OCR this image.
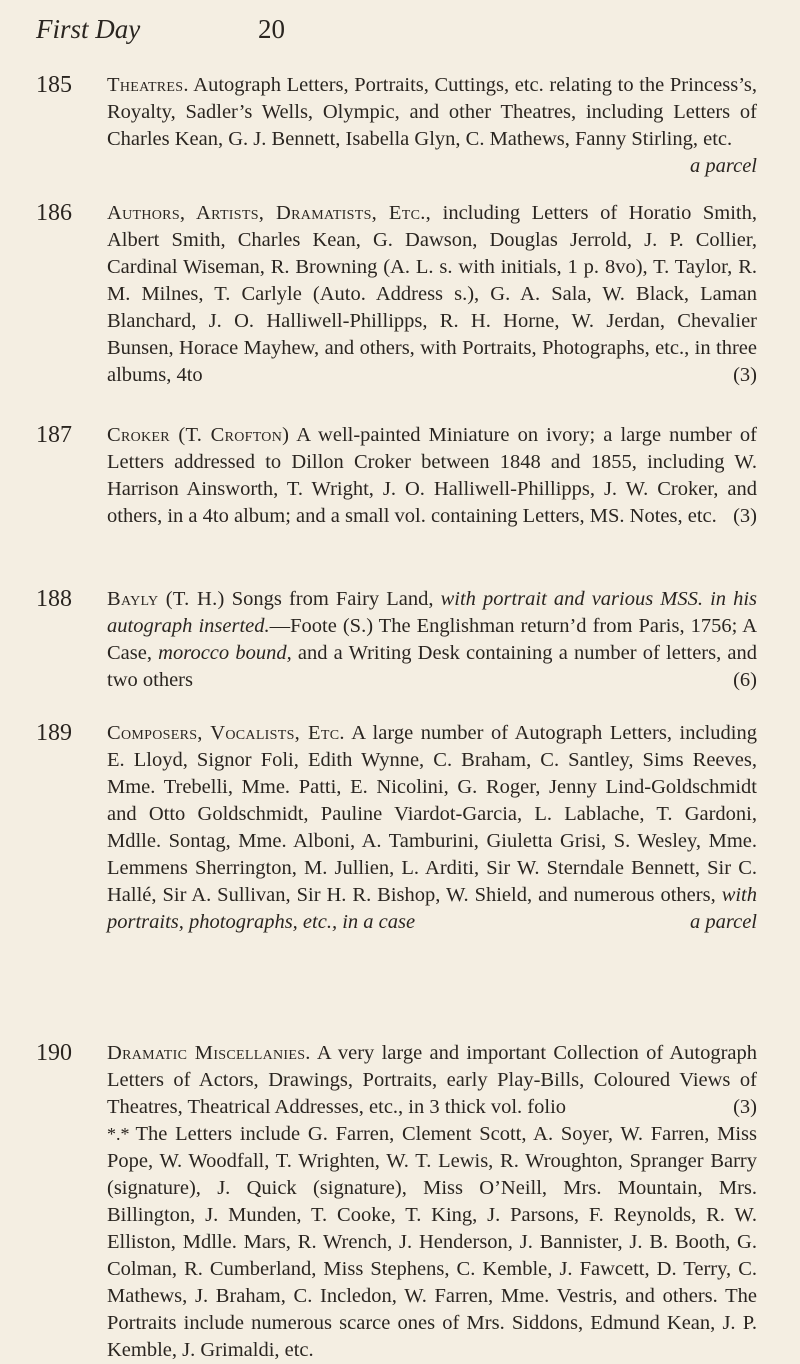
First Day	20
185 Theatres. Autograph Letters, Portraits, Cuttings, etc. relating to the Princess’s, Royalty, Sadler’s Wells, Olympic, and other Theatres, including Letters of Charles Kean, G. J. Bennett, Isabella Glyn, C. Mathews, Fanny Stirling, etc.
a parcel
186 Authors, Artists, Dramatists, Etc., including Letters of Horatio Smith, Albert Smith, Charles Kean, G. Dawson, Douglas Jerrold, J. P. Collier, Cardinal Wiseman, R. Browning (A. L. s. with initials, 1 p. 8vo), T. Taylor, R. M. Milnes, T. Carlyle (Auto. Address s.), G. A. Sala, W. Black, Laman Blanchard, J. O. Halliwell-Phillipps, R. H. Horne, W. Jerdan, Chevalier Bunsen, Horace Mayhew, and others, with Portraits, Photographs, etc., in three albums, 4to	(3)
187 Croker (T. Crofton) A well-painted Miniature on ivory; a large number of Letters addressed to Dillon Croker between 1848 and 1855, including W. Harrison Ainsworth, T. Wright, J. O. Halliwell-Phillipps, J. W. Croker, and others, in a 4to album; and a small vol. containing Letters, MS. Notes, etc. (3)
188 Bayly (T. H.) Songs from Fairy Land, with portrait and various MSS. in his autograph inserted.—Foote (S.) The Englishman return’d from Paris, 1756; A Case, morocco bound, and a Writing Desk containing a number of letters, and two others	(6)
189 Composers, Vocalists, Etc. A large number of Autograph Letters, including E. Lloyd, Signor Foli, Edith Wynne, C. Braham, C. Santley, Sims Reeves, Mme. Trebelli, Mme. Patti, E. Nicolini, G. Roger, Jenny Lind-Goldschmidt and Otto Goldschmidt, Pauline Viardot-Garcia, L. Lablache, T. Gardoni, Mdlle. Sontag, Mme. Alboni, A. Tamburini, Giuletta Grisi, S. Wesley, Mme. Lemmens Sherrington, M. Jullien, L. Arditi, Sir W. Sterndale Bennett, Sir C. Hallé, Sir A. Sullivan, Sir H. R. Bishop, W. Shield, and numerous others, with portraits, photographs, etc., in a case	a parcel
190 Dramatic Miscellanies. A very large and important Collection of Autograph Letters of Actors, Drawings, Portraits, early Play-Bills, Coloured Views of Theatres, Theatrical Addresses, etc., in 3 thick vol. folio	(3)
*.* The Letters include G. Farren, Clement Scott, A. Soyer, W. Farren, Miss Pope, W. Woodfall, T. Wrighten, W. T. Lewis, R. Wroughton, Spranger Barry (signature), J. Quick (signature), Miss O’Neill, Mrs. Mountain, Mrs. Billington, J. Munden, T. Cooke, T. King, J. Parsons, F. Reynolds, R. W. Elliston, Mdlle. Mars, R. Wrench, J. Henderson, J. Bannister, J. B. Booth, G. Colman, R. Cumberland, Miss Stephens, C. Kemble, J. Fawcett, D. Terry, C. Mathews, J. Braham, C. Incledon, W. Farren, Mme. Vestris, and others. The Portraits include numerous scarce ones of Mrs. Siddons, Edmund Kean, J. P. Kemble, J. Grimaldi, etc.
